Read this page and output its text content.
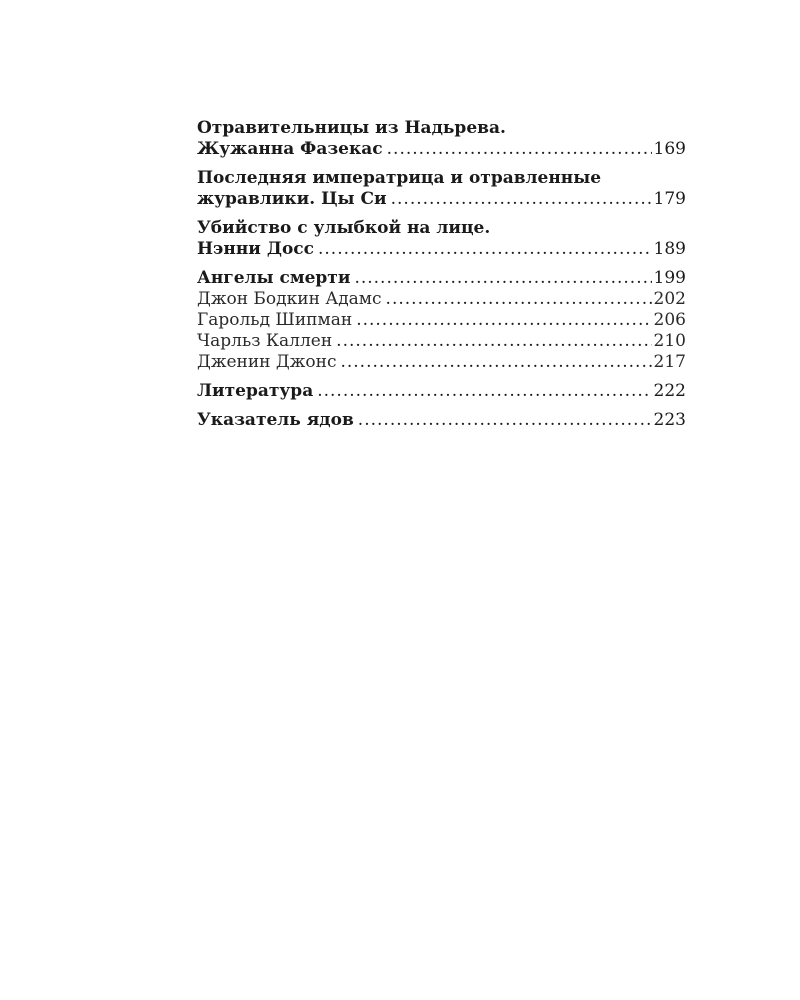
Отравительницы из Надьрева.
Жужанна Фазекас .....	169
Последняя императрица и отравленные
журавлики. Цы Си .....	179
Убийство с улыбкой на лице.
Нэнни Досс .....	189
Ангелы смерти .....	199
Джон Бодкин Адамс .....	202
Гарольд Шипман .....	206
Чарльз Каллен .....	210
Дженин Джонс .....	217
Литература .....	222
Указатель ядов .....	223
